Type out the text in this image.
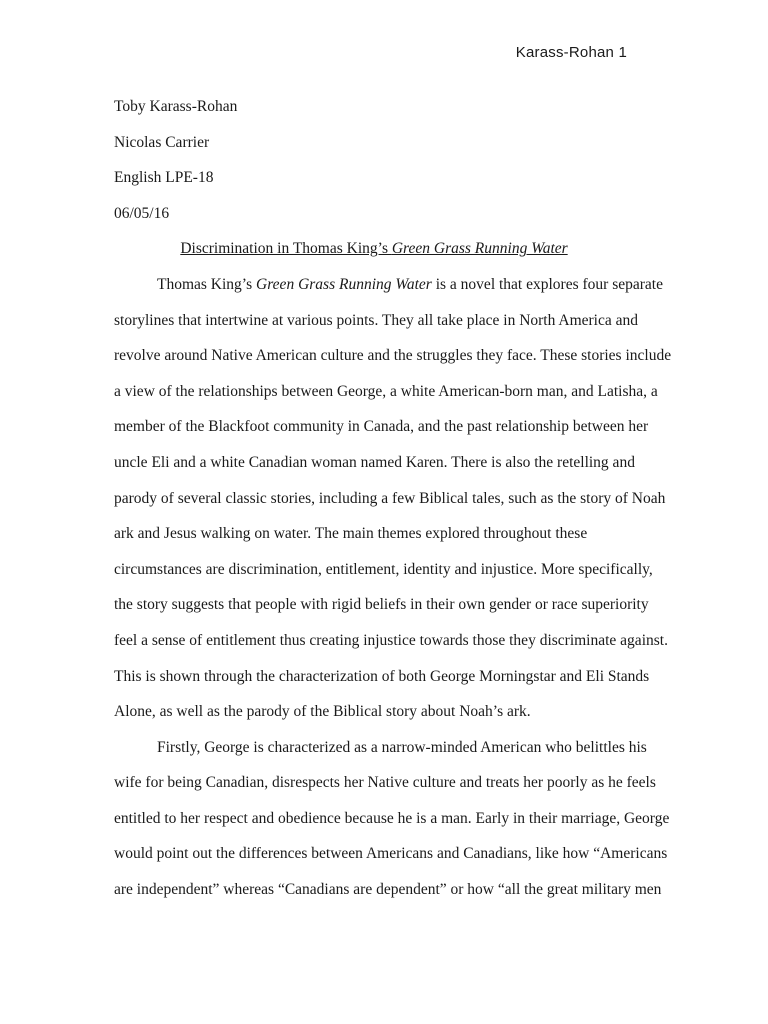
Karass-Rohan 1
Toby Karass-Rohan
Nicolas Carrier
English LPE-18
06/05/16
Discrimination in Thomas King’s Green Grass Running Water
Thomas King’s Green Grass Running Water is a novel that explores four separate
storylines that intertwine at various points. They all take place in North America and
revolve around Native American culture and the struggles they face. These stories include
a view of the relationships between George, a white American-born man, and Latisha, a
member of the Blackfoot community in Canada, and the past relationship between her
uncle Eli and a white Canadian woman named Karen. There is also the retelling and
parody of several classic stories, including a few Biblical tales, such as the story of Noah
ark and Jesus walking on water. The main themes explored throughout these
circumstances are discrimination, entitlement, identity and injustice. More specifically,
the story suggests that people with rigid beliefs in their own gender or race superiority
feel a sense of entitlement thus creating injustice towards those they discriminate against.
This is shown through the characterization of both George Morningstar and Eli Stands
Alone, as well as the parody of the Biblical story about Noah’s ark.
Firstly, George is characterized as a narrow-minded American who belittles his
wife for being Canadian, disrespects her Native culture and treats her poorly as he feels
entitled to her respect and obedience because he is a man. Early in their marriage, George
would point out the differences between Americans and Canadians, like how “Americans
are independent” whereas “Canadians are dependent” or how “all the great military men
